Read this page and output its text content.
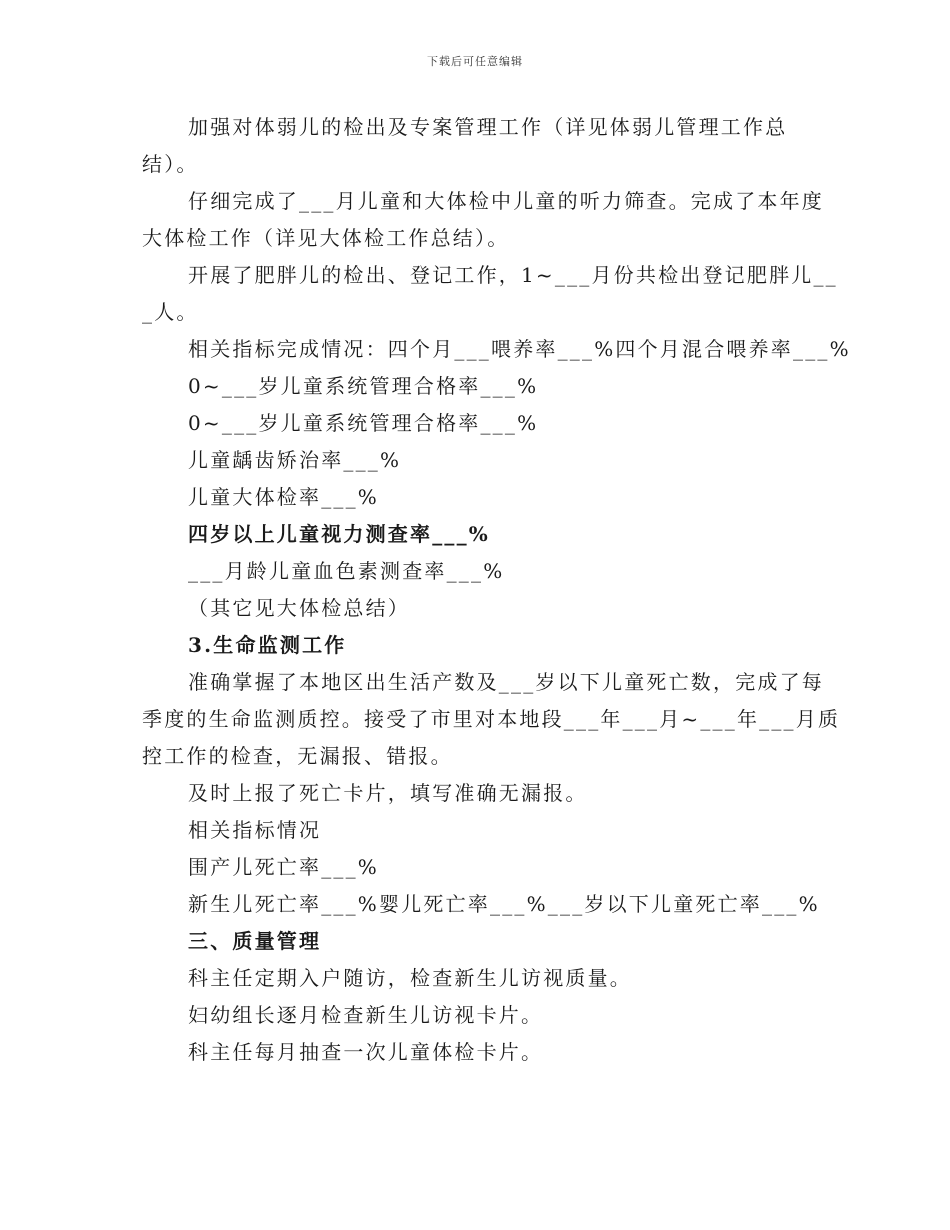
下载后可任意编辑
加强对体弱儿的检出及专案管理工作（详见体弱儿管理工作总
结）。
仔细完成了___月儿童和大体检中儿童的听力筛查。完成了本年度
大体检工作（详见大体检工作总结）。
开展了肥胖儿的检出、登记工作，1~___月份共检出登记肥胖儿__
_人。
相关指标完成情况：四个月___喂养率___%四个月混合喂养率___%
0~___岁儿童系统管理合格率___%
0~___岁儿童系统管理合格率___%
儿童龋齿矫治率___%
儿童大体检率___%
四岁以上儿童视力测查率___%
___月龄儿童血色素测查率___%
（其它见大体检总结）
3.生命监测工作
准确掌握了本地区出生活产数及___岁以下儿童死亡数，完成了每
季度的生命监测质控。接受了市里对本地段___年___月~___年___月质
控工作的检查，无漏报、错报。
及时上报了死亡卡片，填写准确无漏报。
相关指标情况
围产儿死亡率___%
新生儿死亡率___%婴儿死亡率___%___岁以下儿童死亡率___%
三、质量管理
科主任定期入户随访，检查新生儿访视质量。
妇幼组长逐月检查新生儿访视卡片。
科主任每月抽查一次儿童体检卡片。
